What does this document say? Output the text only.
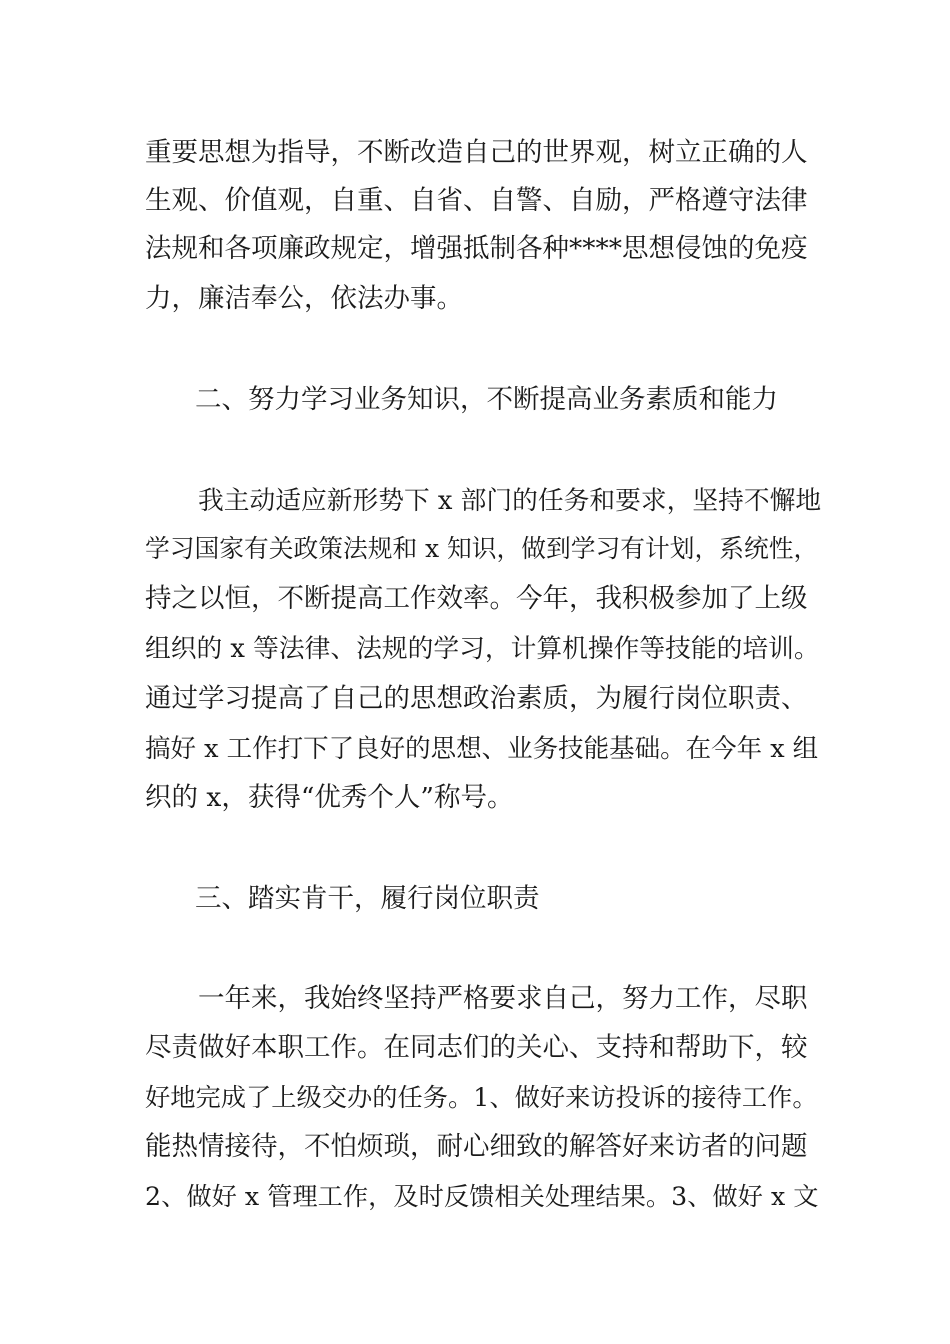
重要思想为指导，不断改造自己的世界观，树立正确的人
生观、价值观，自重、自省、自警、自励，严格遵守法律
法规和各项廉政规定，增强抵制各种****思想侵蚀的免疫
力，廉洁奉公，依法办事。
二、努力学习业务知识，不断提高业务素质和能力
我主动适应新形势下 x 部门的任务和要求，坚持不懈地
学习国家有关政策法规和 x 知识，做到学习有计划，系统性，
持之以恒，不断提高工作效率。今年，我积极参加了上级
组织的 x 等法律、法规的学习，计算机操作等技能的培训。
通过学习提高了自己的思想政治素质，为履行岗位职责、
搞好 x 工作打下了良好的思想、业务技能基础。在今年 x 组
织的 x，获得“优秀个人”称号。
三、踏实肯干，履行岗位职责
一年来，我始终坚持严格要求自己，努力工作，尽职
尽责做好本职工作。在同志们的关心、支持和帮助下，较
好地完成了上级交办的任务。1、做好来访投诉的接待工作。
能热情接待，不怕烦琐，耐心细致的解答好来访者的问题
2、做好 x 管理工作，及时反馈相关处理结果。3、做好 x 文
